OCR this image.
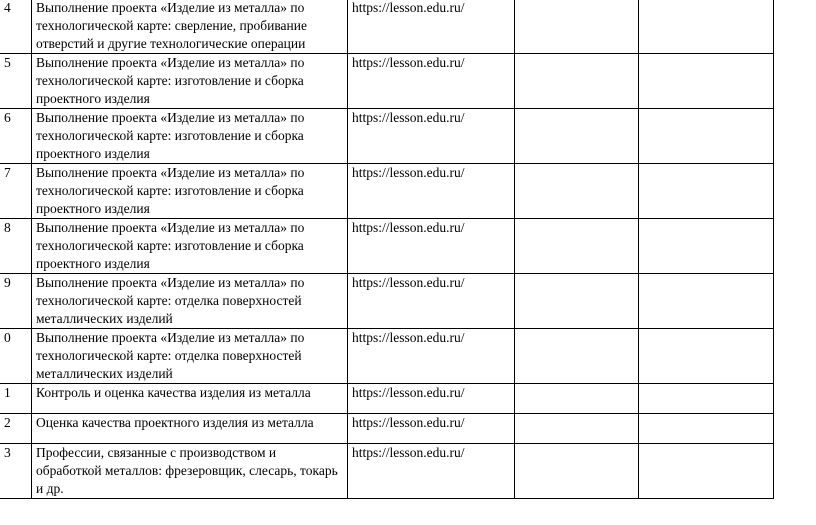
4	Выполнение проекта «Изделие из металла» по технологической карте: сверление, пробивание отверстий и другие технологические операции	https://lesson.edu.ru/		

5	Выполнение проекта «Изделие из металла» по технологической карте: изготовление и сборка проектного изделия	https://lesson.edu.ru/		

6	Выполнение проекта «Изделие из металла» по технологической карте: изготовление и сборка проектного изделия	https://lesson.edu.ru/		

7	Выполнение проекта «Изделие из металла» по технологической карте: изготовление и сборка проектного изделия	https://lesson.edu.ru/		

8	Выполнение проекта «Изделие из металла» по технологической карте: изготовление и сборка проектного изделия	https://lesson.edu.ru/		

9	Выполнение проекта «Изделие из металла» по технологической карте: отделка поверхностей металлических изделий	https://lesson.edu.ru/		

0	Выполнение проекта «Изделие из металла» по технологической карте: отделка поверхностей металлических изделий	https://lesson.edu.ru/		

1	Контроль и оценка качества изделия из металла	https://lesson.edu.ru/		

2	Оценка качества проектного изделия из металла	https://lesson.edu.ru/		

3	Профессии, связанные с производством и обработкой металлов: фрезеровщик, слесарь, токарь и др.	https://lesson.edu.ru/		
